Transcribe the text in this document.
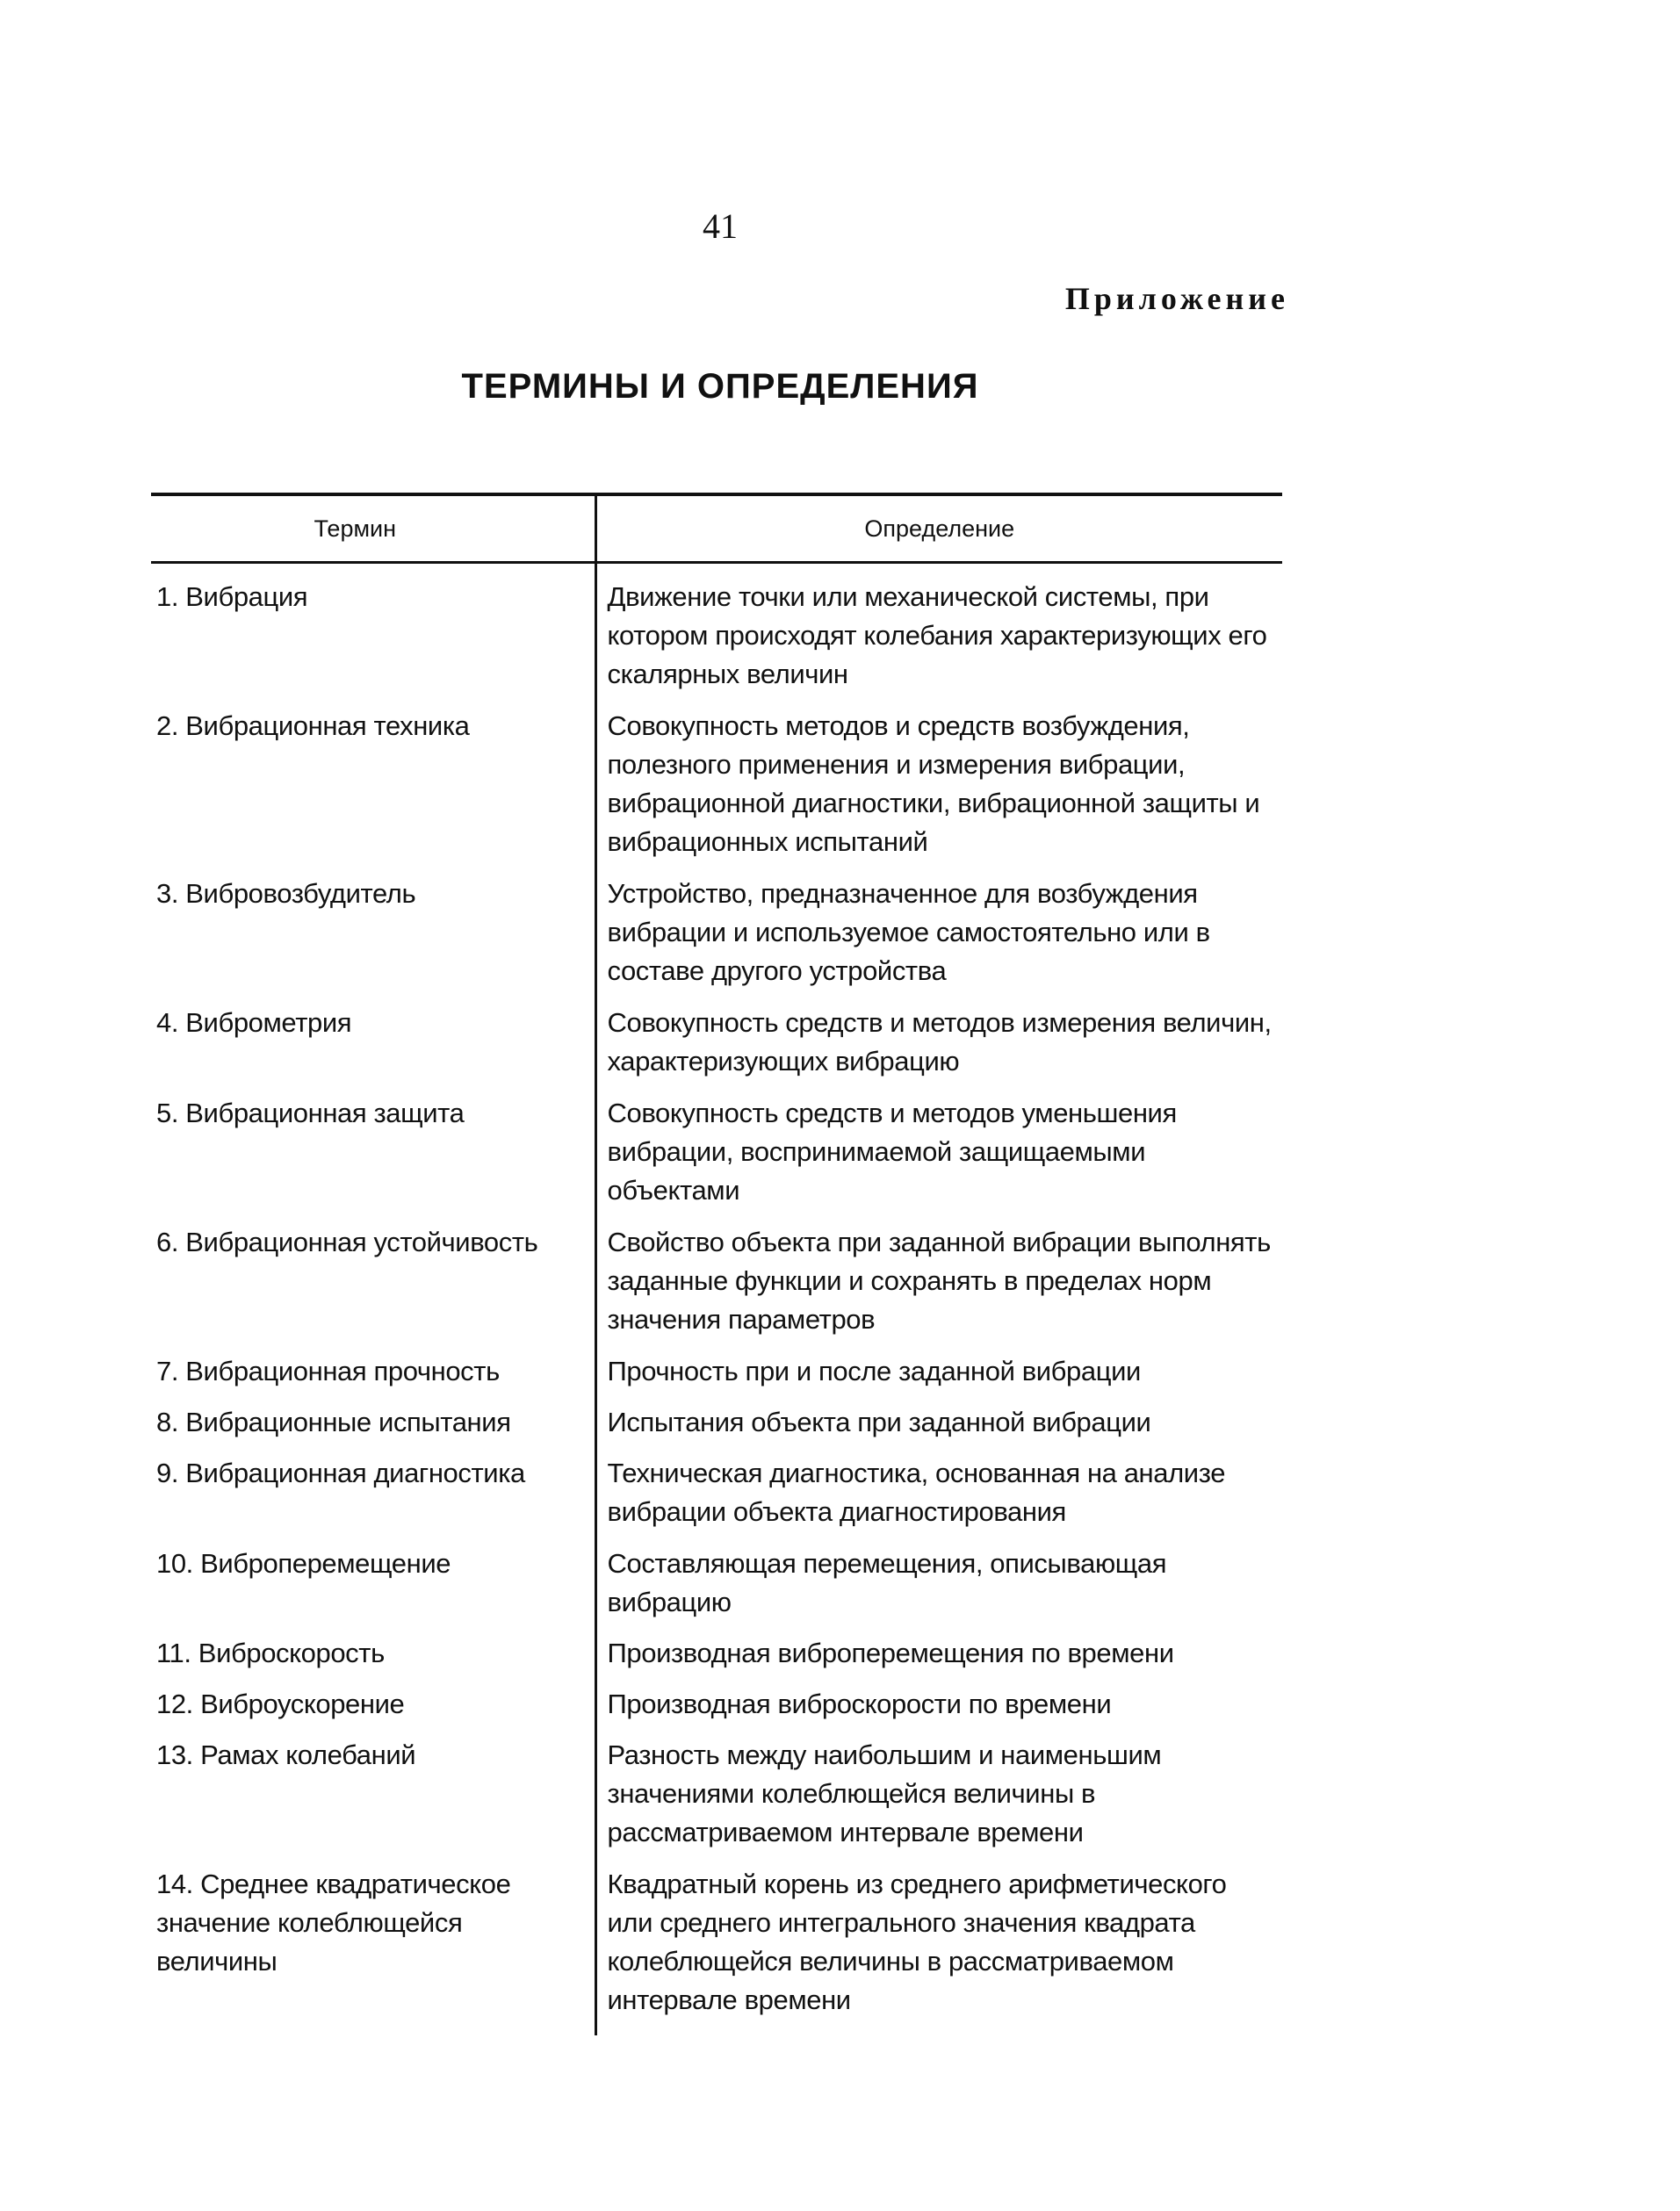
41
Приложение
ТЕРМИНЫ И ОПРЕДЕЛЕНИЯ
Термин	Определение
1. Вибрация	Движение точки или механической системы, при котором происходят колебания характеризующих его скалярных величин
2. Вибрационная техника	Совокупность методов и средств возбуждения, полезного применения и измерения вибрации, вибрационной диагностики, вибрационной защиты и вибрационных испытаний
3. Вибровозбудитель	Устройство, предназначенное для возбуждения вибрации и используемое самостоятельно или в составе другого устройства
4. Виброметрия	Совокупность средств и методов измерения величин, характеризующих вибрацию
5. Вибрационная защита	Совокупность средств и методов уменьшения вибрации, воспринимаемой защищаемыми объектами
6. Вибрационная устойчивость	Свойство объекта при заданной вибрации выполнять заданные функции и сохранять в пределах норм значения параметров
7. Вибрационная прочность	Прочность при и после заданной вибрации
8. Вибрационные испытания	Испытания объекта при заданной вибрации
9. Вибрационная диагностика	Техническая диагностика, основанная на анализе вибрации объекта диагностирования
10. Виброперемещение	Составляющая перемещения, описывающая вибрацию
11. Виброскорость	Производная виброперемещения по времени
12. Виброускорение	Производная виброскорости по времени
13. Рамах колебаний	Разность между наибольшим и наименьшим значениями колеблющейся величины в рассматриваемом интервале времени
14. Среднее квадратическое значение колеблющейся величины	Квадратный корень из среднего арифметического или среднего интегрального значения квадрата колеблющейся величины в рассматриваемом интервале времени
